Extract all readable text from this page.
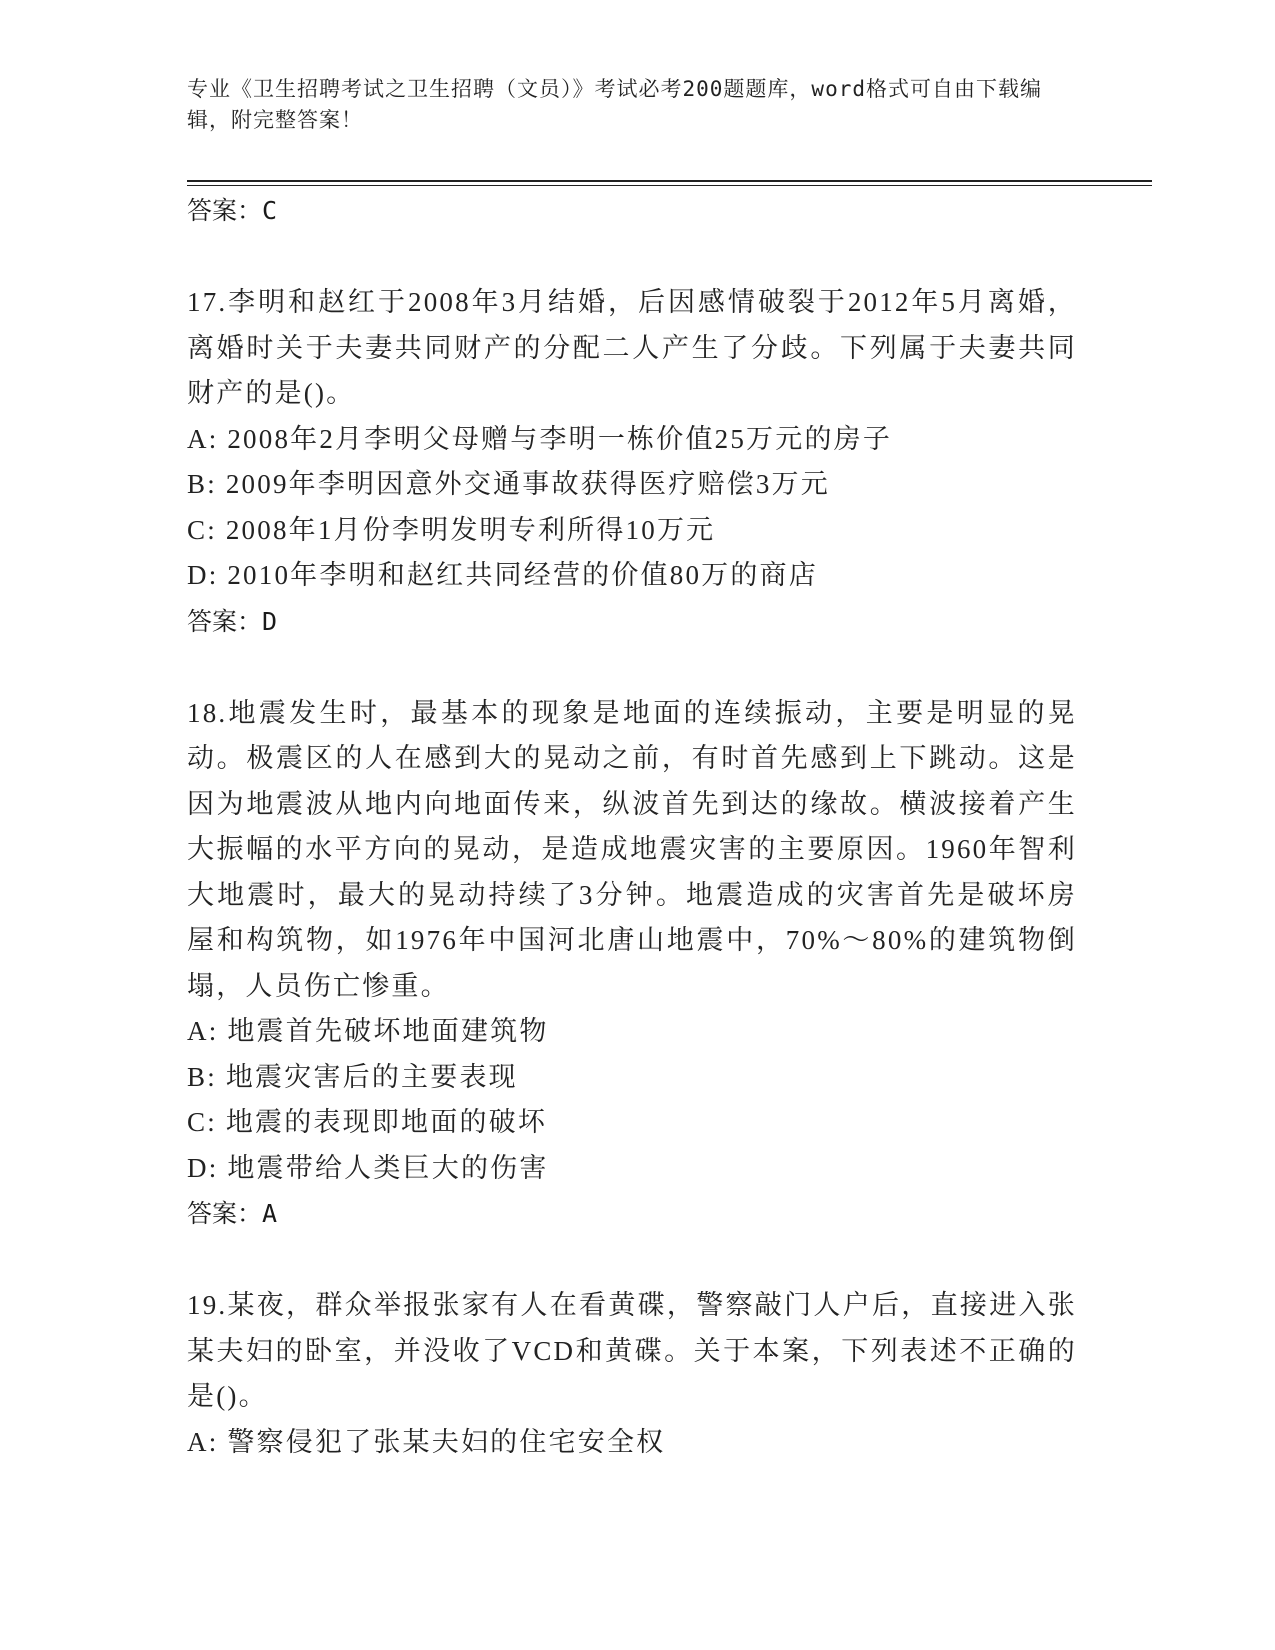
专业《卫生招聘考试之卫生招聘（文员）》考试必考200题题库，word格式可自由下载编辑，附完整答案！

答案：C

17.李明和赵红于2008年3月结婚，后因感情破裂于2012年5月离婚，离婚时关于夫妻共同财产的分配二人产生了分歧。下列属于夫妻共同财产的是()。

A: 2008年2月李明父母赠与李明一栋价值25万元的房子

B: 2009年李明因意外交通事故获得医疗赔偿3万元

C: 2008年1月份李明发明专利所得10万元

D: 2010年李明和赵红共同经营的价值80万的商店

答案：D

18.地震发生时，最基本的现象是地面的连续振动，主要是明显的晃动。极震区的人在感到大的晃动之前，有时首先感到上下跳动。这是因为地震波从地内向地面传来，纵波首先到达的缘故。横波接着产生大振幅的水平方向的晃动，是造成地震灾害的主要原因。1960年智利大地震时，最大的晃动持续了3分钟。地震造成的灾害首先是破坏房屋和构筑物，如1976年中国河北唐山地震中，70%～80%的建筑物倒塌，人员伤亡惨重。

A: 地震首先破坏地面建筑物

B: 地震灾害后的主要表现

C: 地震的表现即地面的破坏

D: 地震带给人类巨大的伤害

答案：A

19.某夜，群众举报张家有人在看黄碟，警察敲门人户后，直接进入张某夫妇的卧室，并没收了VCD和黄碟。关于本案，下列表述不正确的是()。

A: 警察侵犯了张某夫妇的住宅安全权
